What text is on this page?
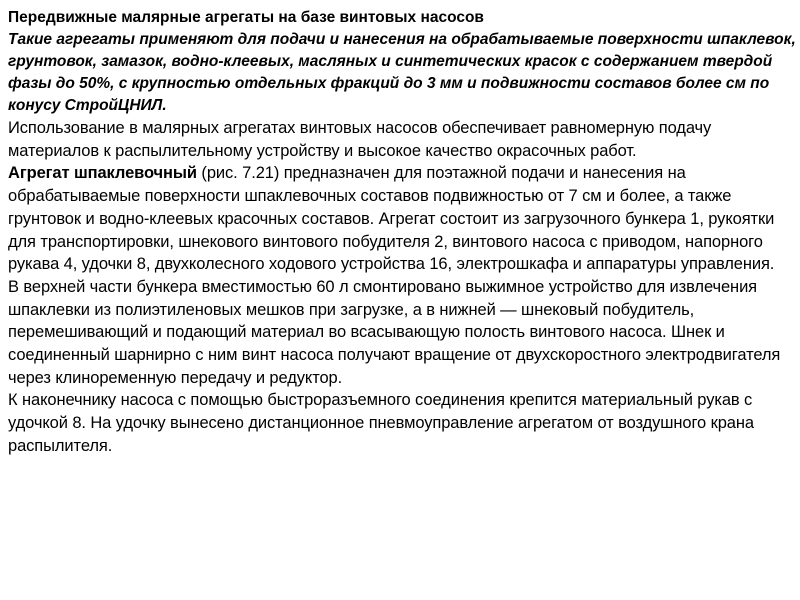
Передвижные малярные агрегаты на базе винтовых насосов

Такие агрегаты применяют для подачи и нанесения на обрабатываемые поверхности шпаклевок, грунтовок, замазок, водно-клеевых, масляных и синтетических красок с содержанием твердой фазы до 50%, с крупностью отдельных фракций до 3 мм и подвижности составов более см по конусу СтройЦНИЛ.

Использование в малярных агрегатах винтовых насосов обеспечивает равномерную подачу материалов к распылительному устройству и высокое качество окрасочных работ.

Агрегат шпаклевочный (рис. 7.21) предназначен для поэтажной подачи и нанесения на обрабатываемые поверхности шпаклевочных составов подвижностью от 7 см и более, а также грунтовок и водно-клеевых красочных составов. Агрегат состоит из загрузочного бункера 1, рукоятки для транспортировки, шнекового винтового побудителя 2, винтового насоса с приводом, напорного рукава 4, удочки 8, двухколесного ходового устройства 16, электрошкафа и аппаратуры управления.

В верхней части бункера вместимостью 60 л смонтировано выжимное устройство для извлечения шпаклевки из полиэтиленовых мешков при загрузке, а в нижней — шнековый побудитель, перемешивающий и подающий материал во всасывающую полость винтового насоса. Шнек и соединенный шарнирно с ним винт насоса получают вращение от двухскоростного электродвигателя через клиноременную передачу и редуктор.

К наконечнику насоса с помощью быстроразъемного соединения крепится материальный рукав с удочкой 8. На удочку вынесено дистанционное пневмоуправление агрегатом от воздушного крана распылителя.
